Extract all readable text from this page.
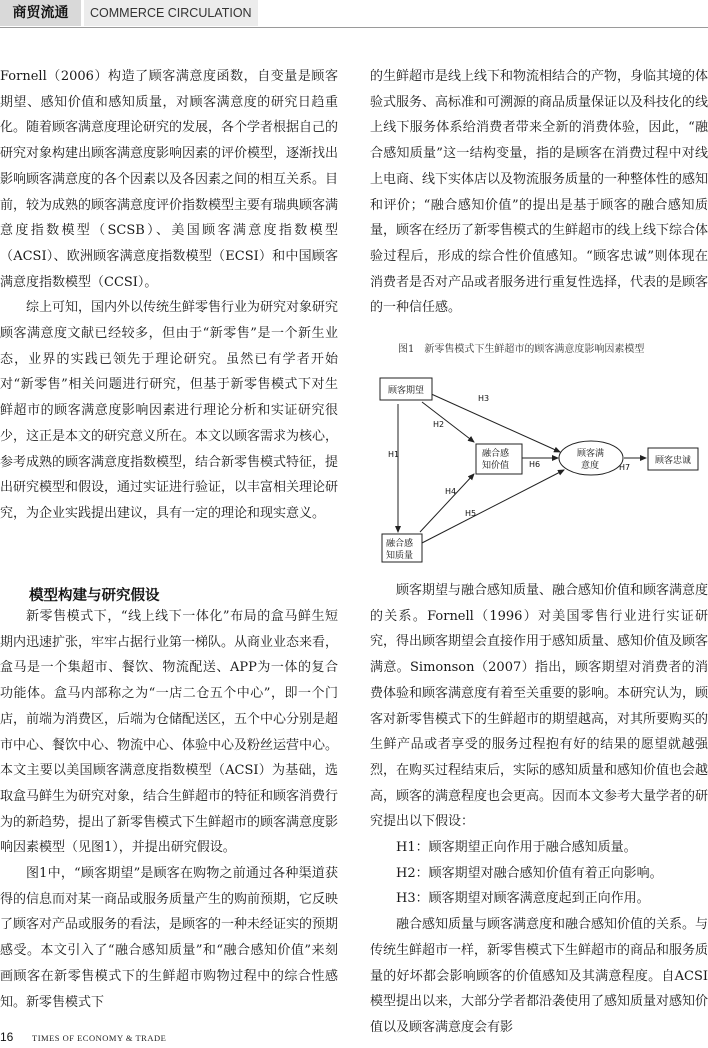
商贸流通	COMMERCE CIRCULATION

Fornell（2006）构造了顾客满意度函数，自变量是顾客期望、感知价值和感知质量，对顾客满意度的研究日趋重化。随着顾客满意度理论研究的发展，各个学者根据自己的研究对象构建出顾客满意度影响因素的评价模型，逐渐找出影响顾客满意度的各个因素以及各因素之间的相互关系。目前，较为成熟的顾客满意度评价指数模型主要有瑞典顾客满意度指数模型（SCSB）、美国顾客满意度指数模型（ACSI）、欧洲顾客满意度指数模型（ECSI）和中国顾客满意度指数模型（CCSI）。

综上可知，国内外以传统生鲜零售行业为研究对象研究顾客满意度文献已经较多，但由于“新零售”是一个新生业态，业界的实践已领先于理论研究。虽然已有学者开始对“新零售”相关问题进行研究，但基于新零售模式下对生鲜超市的顾客满意度影响因素进行理论分析和实证研究很少，这正是本文的研究意义所在。本文以顾客需求为核心，参考成熟的顾客满意度指数模型，结合新零售模式特征，提出研究模型和假设，通过实证进行验证，以丰富相关理论研究，为企业实践提出建议，具有一定的理论和现实意义。

模型构建与研究假设

新零售模式下，“线上线下一体化”布局的盒马鲜生短期内迅速扩张，牢牢占据行业第一梯队。从商业业态来看，盒马是一个集超市、餐饮、物流配送、APP为一体的复合功能体。盒马内部称之为“一店二仓五个中心”，即一个门店，前端为消费区，后端为仓储配送区，五个中心分别是超市中心、餐饮中心、物流中心、体验中心及粉丝运营中心。本文主要以美国顾客满意度指数模型（ACSI）为基础，选取盒马鲜生为研究对象，结合生鲜超市的特征和顾客消费行为的新趋势，提出了新零售模式下生鲜超市的顾客满意度影响因素模型（见图1），并提出研究假设。

图1中，“顾客期望”是顾客在购物之前通过各种渠道获得的信息而对某一商品或服务质量产生的购前预期，它反映了顾客对产品或服务的看法，是顾客的一种未经证实的预期感受。本文引入了“融合感知质量”和“融合感知价值”来刻画顾客在新零售模式下的生鲜超市购物过程中的综合性感知。新零售模式下

的生鲜超市是线上线下和物流相结合的产物，身临其境的体验式服务、高标准和可溯源的商品质量保证以及科技化的线上线下服务体系给消费者带来全新的消费体验，因此，“融合感知质量”这一结构变量，指的是顾客在消费过程中对线上电商、线下实体店以及物流服务质量的一种整体性的感知和评价；“融合感知价值”的提出是基于顾客的融合感知质量，顾客在经历了新零售模式的生鲜超市的线上线下综合体验过程后，形成的综合性价值感知。“顾客忠诚”则体现在消费者是否对产品或者服务进行重复性选择，代表的是顾客的一种信任感。

图1　新零售模式下生鲜超市的顾客满意度影响因素模型
H3
H2
H1
H6	H7
H4
H5
顾客期望
融合感
知价值
顾客满
意度	顾客忠诚
融合感
知质量

顾客期望与融合感知质量、融合感知价值和顾客满意度的关系。Fornell（1996）对美国零售行业进行实证研究，得出顾客期望会直接作用于感知质量、感知价值及顾客满意。Simonson（2007）指出，顾客期望对消费者的消费体验和顾客满意度有着至关重要的影响。本研究认为，顾客对新零售模式下的生鲜超市的期望越高，对其所要购买的生鲜产品或者享受的服务过程抱有好的结果的愿望就越强烈，在购买过程结束后，实际的感知质量和感知价值也会越高，顾客的满意程度也会更高。因而本文参考大量学者的研究提出以下假设：

H1：顾客期望正向作用于融合感知质量。

H2：顾客期望对融合感知价值有着正向影响。

H3：顾客期望对顾客满意度起到正向作用。

融合感知质量与顾客满意度和融合感知价值的关系。与传统生鲜超市一样，新零售模式下生鲜超市的商品和服务质量的好坏都会影响顾客的价值感知及其满意程度。自ACSI模型提出以来，大部分学者都沿袭使用了感知质量对感知价值以及顾客满意度会有影

16 TIMES OF ECONOMY & TRADE
